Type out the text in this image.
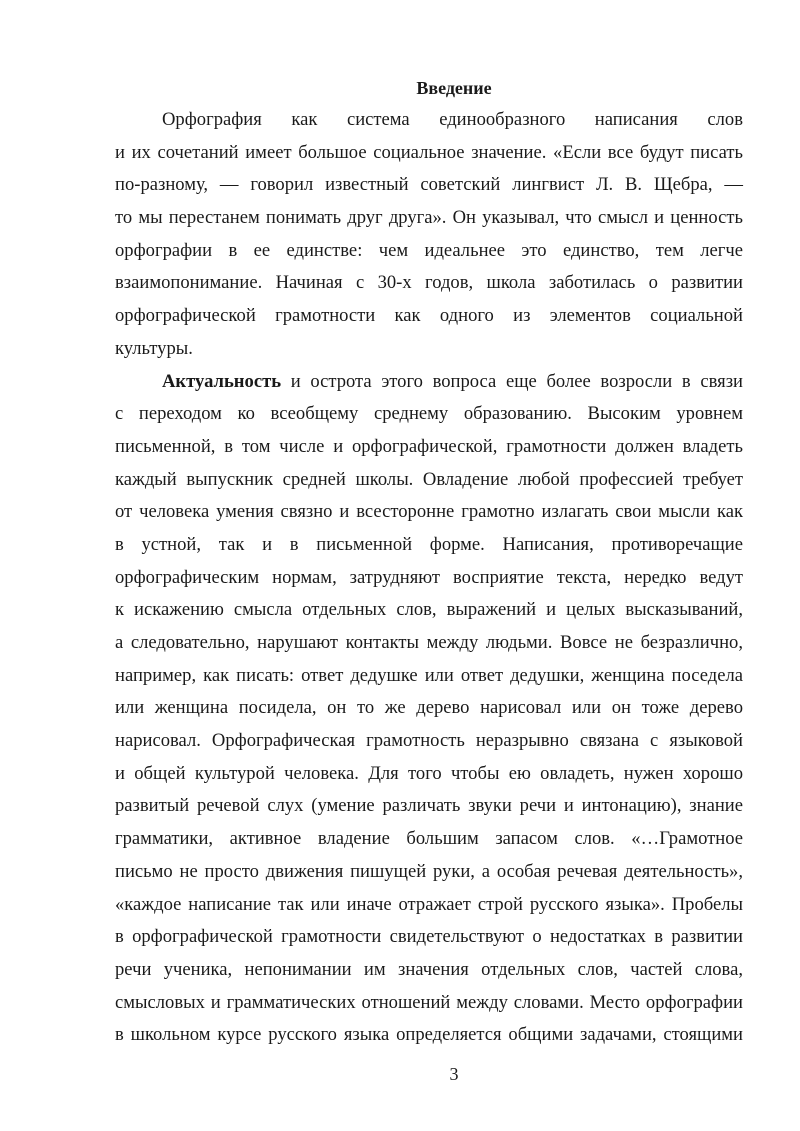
Введение
Орфография как система единообразного написания слов
и их сочетаний имеет большое социальное значение. «Если все будут писать
по-разному, — говорил известный советский лингвист Л. В. Щебра, —
то мы перестанем понимать друг друга». Он указывал, что смысл и ценность
орфографии в ее единстве: чем идеальнее это единство, тем легче
взаимопонимание. Начиная с 30-х годов, школа заботилась о развитии
орфографической грамотности как одного из элементов социальной
культуры.
Актуальность и острота этого вопроса еще более возросли в связи
с переходом ко всеобщему среднему образованию. Высоким уровнем
письменной, в том числе и орфографической, грамотности должен владеть
каждый выпускник средней школы. Овладение любой профессией требует
от человека умения связно и всесторонне грамотно излагать свои мысли как
в устной, так и в письменной форме. Написания, противоречащие
орфографическим нормам, затрудняют восприятие текста, нередко ведут
к искажению смысла отдельных слов, выражений и целых высказываний,
а следовательно, нарушают контакты между людьми. Вовсе не безразлично,
например, как писать: ответ дедушке или ответ дедушки, женщина поседела
или женщина посидела, он то же дерево нарисовал или он тоже дерево
нарисовал. Орфографическая грамотность неразрывно связана с языковой
и общей культурой человека. Для того чтобы ею овладеть, нужен хорошо
развитый речевой слух (умение различать звуки речи и интонацию), знание
грамматики, активное владение большим запасом слов. «…Грамотное
письмо не просто движения пишущей руки, а особая речевая деятельность»,
«каждое написание так или иначе отражает строй русского языка». Пробелы
в орфографической грамотности свидетельствуют о недостатках в развитии
речи ученика, непонимании им значения отдельных слов, частей слова,
смысловых и грамматических отношений между словами. Место орфографии
в школьном курсе русского языка определяется общими задачами, стоящими
3
